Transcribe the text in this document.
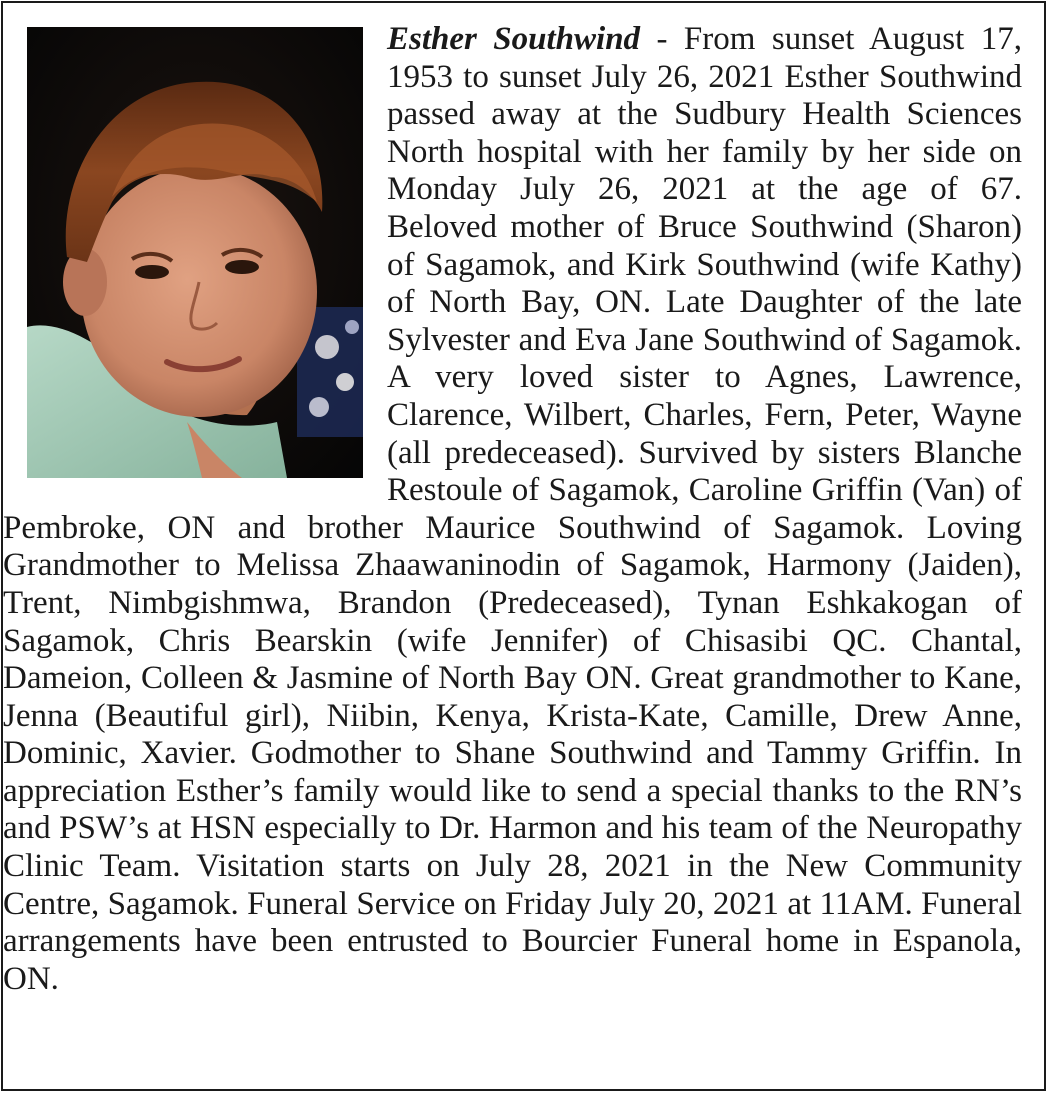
Esther Southwind - From sunset August 17, 1953 to sunset July 26, 2021 Esther Southwind passed away at the Sudbury Health Sciences North hospital with her family by her side on Monday July 26, 2021 at the age of 67. Beloved mother of Bruce Southwind (Sharon) of Sagamok, and Kirk Southwind (wife Kathy) of North Bay, ON. Late Daughter of the late Sylvester and Eva Jane Southwind of Sagamok. A very loved sister to Agnes, Lawrence, Clarence, Wilbert, Charles, Fern, Peter, Wayne (all predeceased). Survived by sisters Blanche Restoule of Sagamok, Caroline Griffin (Van) of Pembroke, ON and brother Maurice Southwind of Sagamok. Loving Grandmother to Melissa Zhaawaninodin of Sagamok, Harmony (Jaiden), Trent, Nimbgishmwa, Brandon (Predeceased), Tynan Eshkakogan of Sagamok, Chris Bearskin (wife Jennifer) of Chisasibi QC. Chantal, Dameion, Colleen & Jasmine of North Bay ON. Great grandmother to Kane, Jenna (Beautiful girl), Niibin, Kenya, Krista-Kate, Camille, Drew Anne, Dominic, Xavier. Godmother to Shane Southwind and Tammy Griffin. In appreciation Esther’s family would like to send a special thanks to the RN’s and PSW’s at HSN especially to Dr. Harmon and his team of the Neuropathy Clinic Team. Visitation starts on July 28, 2021 in the New Community Centre, Sagamok. Funeral Service on Friday July 20, 2021 at 11AM. Funeral arrangements have been entrusted to Bourcier Funeral home in Espanola, ON.
